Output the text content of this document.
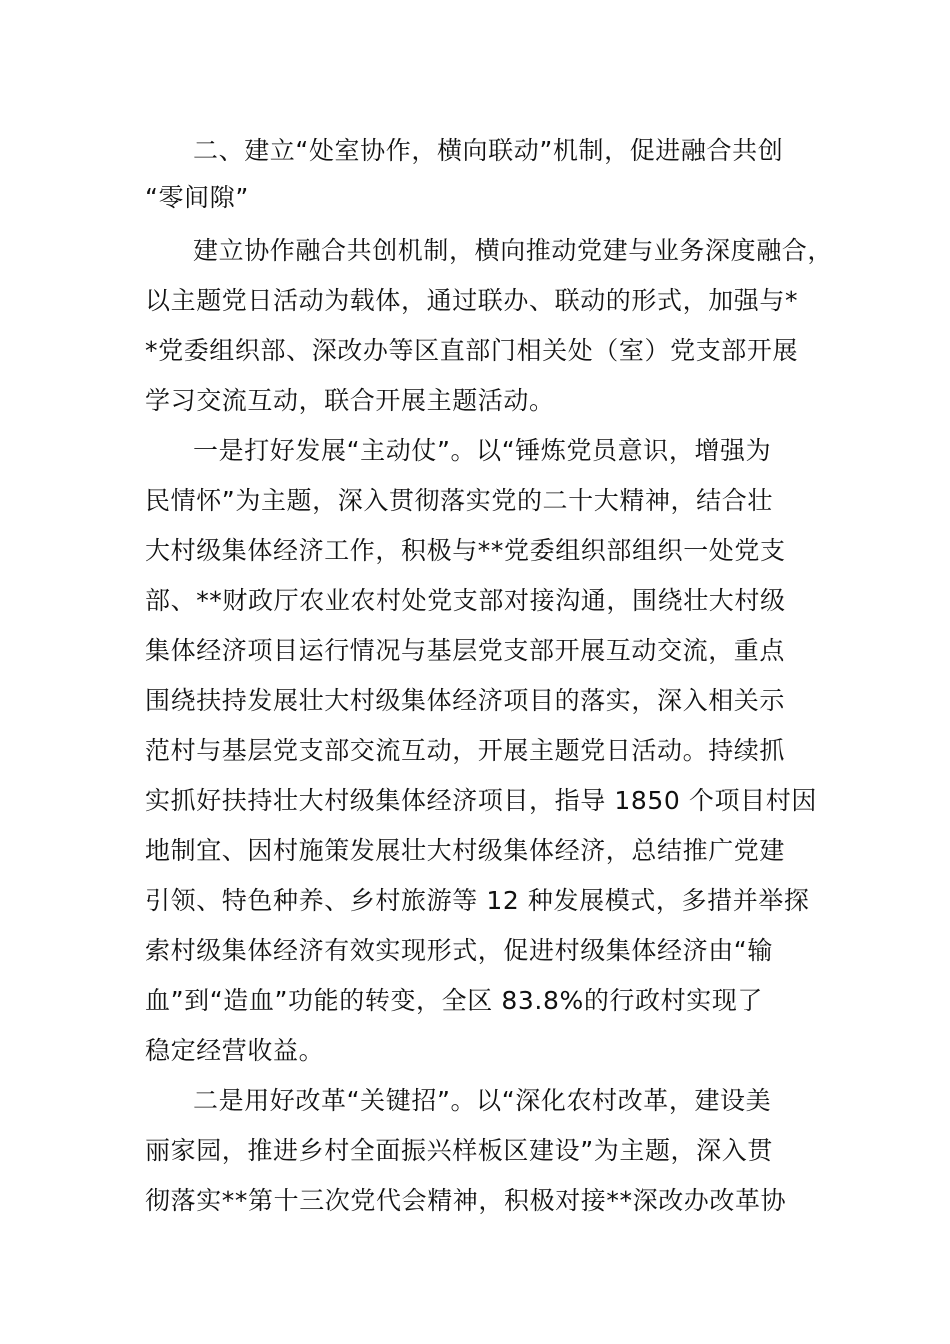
二、建立“处室协作，横向联动”机制，促进融合共创
“零间隙”
建立协作融合共创机制，横向推动党建与业务深度融合，
以主题党日活动为载体，通过联办、联动的形式，加强与*
*党委组织部、深改办等区直部门相关处（室）党支部开展
学习交流互动，联合开展主题活动。
一是打好发展“主动仗”。以“锤炼党员意识，增强为
民情怀”为主题，深入贯彻落实党的二十大精神，结合壮
大村级集体经济工作，积极与**党委组织部组织一处党支
部、**财政厅农业农村处党支部对接沟通，围绕壮大村级
集体经济项目运行情况与基层党支部开展互动交流，重点
围绕扶持发展壮大村级集体经济项目的落实，深入相关示
范村与基层党支部交流互动，开展主题党日活动。持续抓
实抓好扶持壮大村级集体经济项目，指导 1850 个项目村因
地制宜、因村施策发展壮大村级集体经济，总结推广党建
引领、特色种养、乡村旅游等 12 种发展模式，多措并举探
索村级集体经济有效实现形式，促进村级集体经济由“输
血”到“造血”功能的转变，全区 83.8%的行政村实现了
稳定经营收益。
二是用好改革“关键招”。以“深化农村改革，建设美
丽家园，推进乡村全面振兴样板区建设”为主题，深入贯
彻落实**第十三次党代会精神，积极对接**深改办改革协
